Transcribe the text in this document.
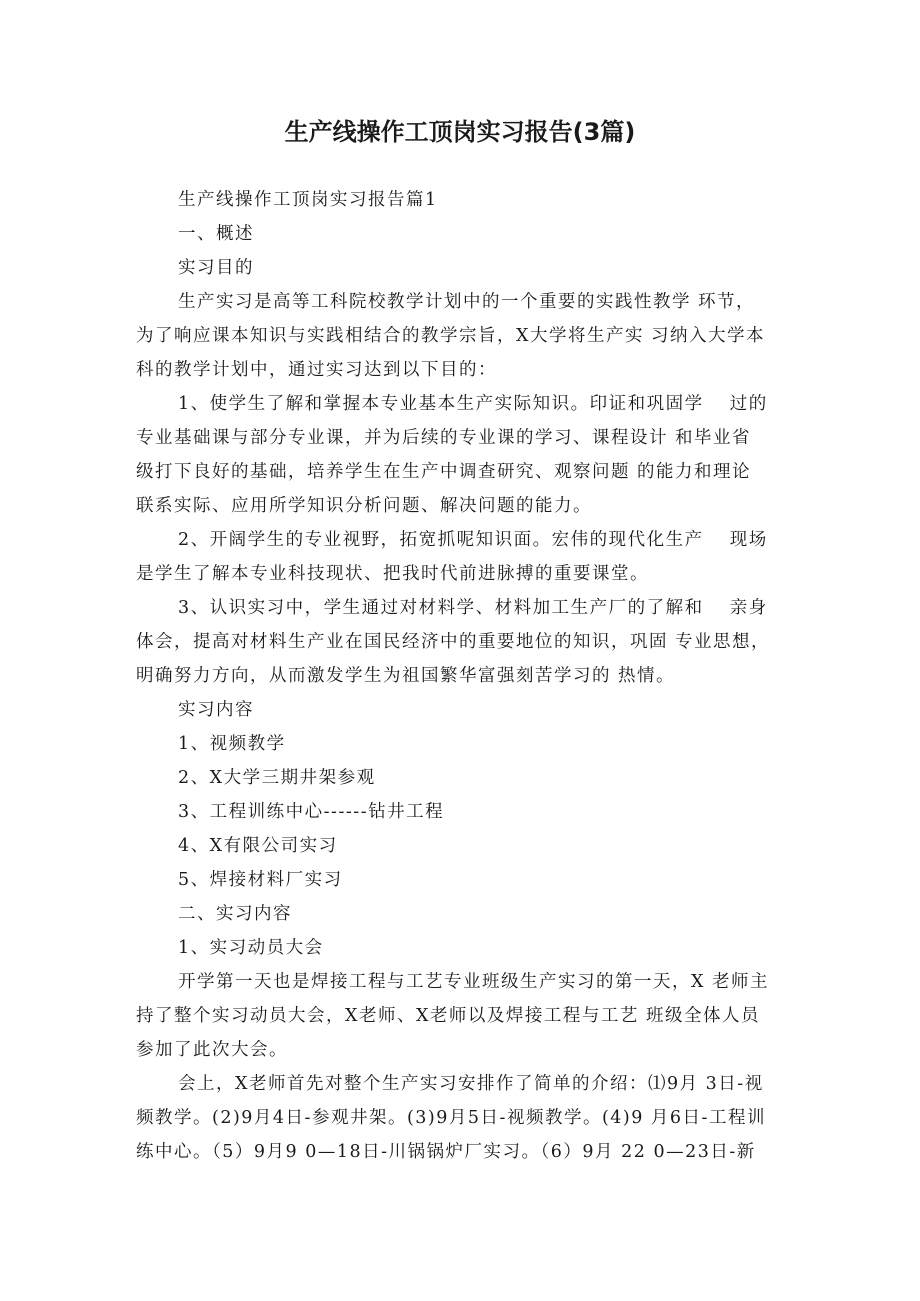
生产线操作工顶岗实习报告(3篇)
生产线操作工顶岗实习报告篇1
一、概述
实习目的
生产实习是高等工科院校教学计划中的一个重要的实践性教学 环节，
为了响应课本知识与实践相结合的教学宗旨，X大学将生产实 习纳入大学本
科的教学计划中，通过实习达到以下目的：
1、使学生了解和掌握本专业基本生产实际知识。印证和巩固学　 过的
专业基础课与部分专业课，并为后续的专业课的学习、课程设计 和毕业省
级打下良好的基础，培养学生在生产中调查研究、观察问题 的能力和理论
联系实际、应用所学知识分析问题、解决问题的能力。
2、开阔学生的专业视野，拓宽抓呢知识面。宏伟的现代化生产　 现场
是学生了解本专业科技现状、把我时代前进脉搏的重要课堂。
3、认识实习中，学生通过对材料学、材料加工生产厂的了解和　 亲身
体会，提高对材料生产业在国民经济中的重要地位的知识，巩固 专业思想，
明确努力方向，从而激发学生为祖国繁华富强刻苦学习的 热情。
实习内容
1、视频教学
2、X大学三期井架参观
3、工程训练中心------钻井工程
4、X有限公司实习
5、焊接材料厂实习
二、实习内容
1、实习动员大会
开学第一天也是焊接工程与工艺专业班级生产实习的第一天，X 老师主
持了整个实习动员大会，X老师、X老师以及焊接工程与工艺 班级全体人员
参加了此次大会。
会上，X老师首先对整个生产实习安排作了简单的介绍：⑴9月 3日-视
频教学。(2)9月4日-参观井架。(3)9月5日-视频教学。(4)9 月6日-工程训
练中心。（5）9月9 0—18日-川锅锅炉厂实习。（6）9月 22 0—23日-新
